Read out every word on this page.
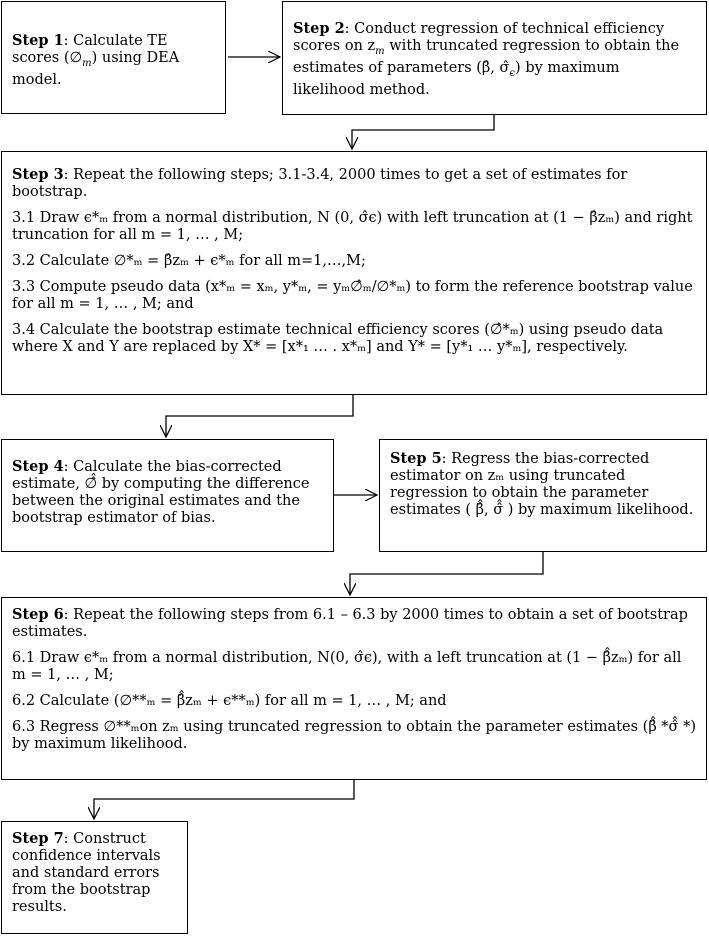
Step 1: Calculate TE scores $(\emptyset_m)$ using DEA model.

Step 2: Conduct regression of technical efficiency scores on $z_m$ with truncated regression to obtain the estimates of parameters (β̂, $\sigmâ_\epsilon$) by maximum likelihood method.

Step 3: Repeat the following steps; 3.1-3.4, 2000 times to get a set of estimates for bootstrap.

3.1 Draw ϵ*ₘ from a normal distribution, N (0, σ̂ϵ) with left truncation at (1 − β̂zₘ) and right truncation for all m = 1, … , M;

3.2 Calculate ∅*ₘ = β̂zₘ + ϵ*ₘ for all m=1,…,M;

3.3 Compute pseudo data (x*ₘ = xₘ, y*ₘ, = yₘ∅̂ₘ/∅*ₘ) to form the reference bootstrap value for all m = 1, … , M; and

3.4 Calculate the bootstrap estimate technical efficiency scores (∅̂*ₘ) using pseudo data where X and Y are replaced by X* = [x*₁ … . x*ₘ] and Y* = [y*₁ … y*ₘ], respectively.

Step 4: Calculate the bias-corrected estimate, ∅̂̂ by computing the difference between the original estimates and the bootstrap estimator of bias.

Step 5: Regress the bias-corrected estimator on zₘ using truncated regression to obtain the parameter estimates ( β̂̂, σ̂̂ ) by maximum likelihood.

Step 6: Repeat the following steps from 6.1 – 6.3 by 2000 times to obtain a set of bootstrap estimates.

6.1 Draw ϵ*ₘ from a normal distribution, N(0, σ̂ϵ), with a left truncation at (1 − β̂̂zₘ) for all m = 1, … , M;

6.2 Calculate (∅**ₘ = β̂̂zₘ + ϵ**ₘ) for all m = 1, … , M; and

6.3 Regress ∅**ₘon zₘ using truncated regression to obtain the parameter estimates (β̂̂ *σ̂̂ *) by maximum likelihood.

Step 7: Construct confidence intervals and standard errors from the bootstrap results.
